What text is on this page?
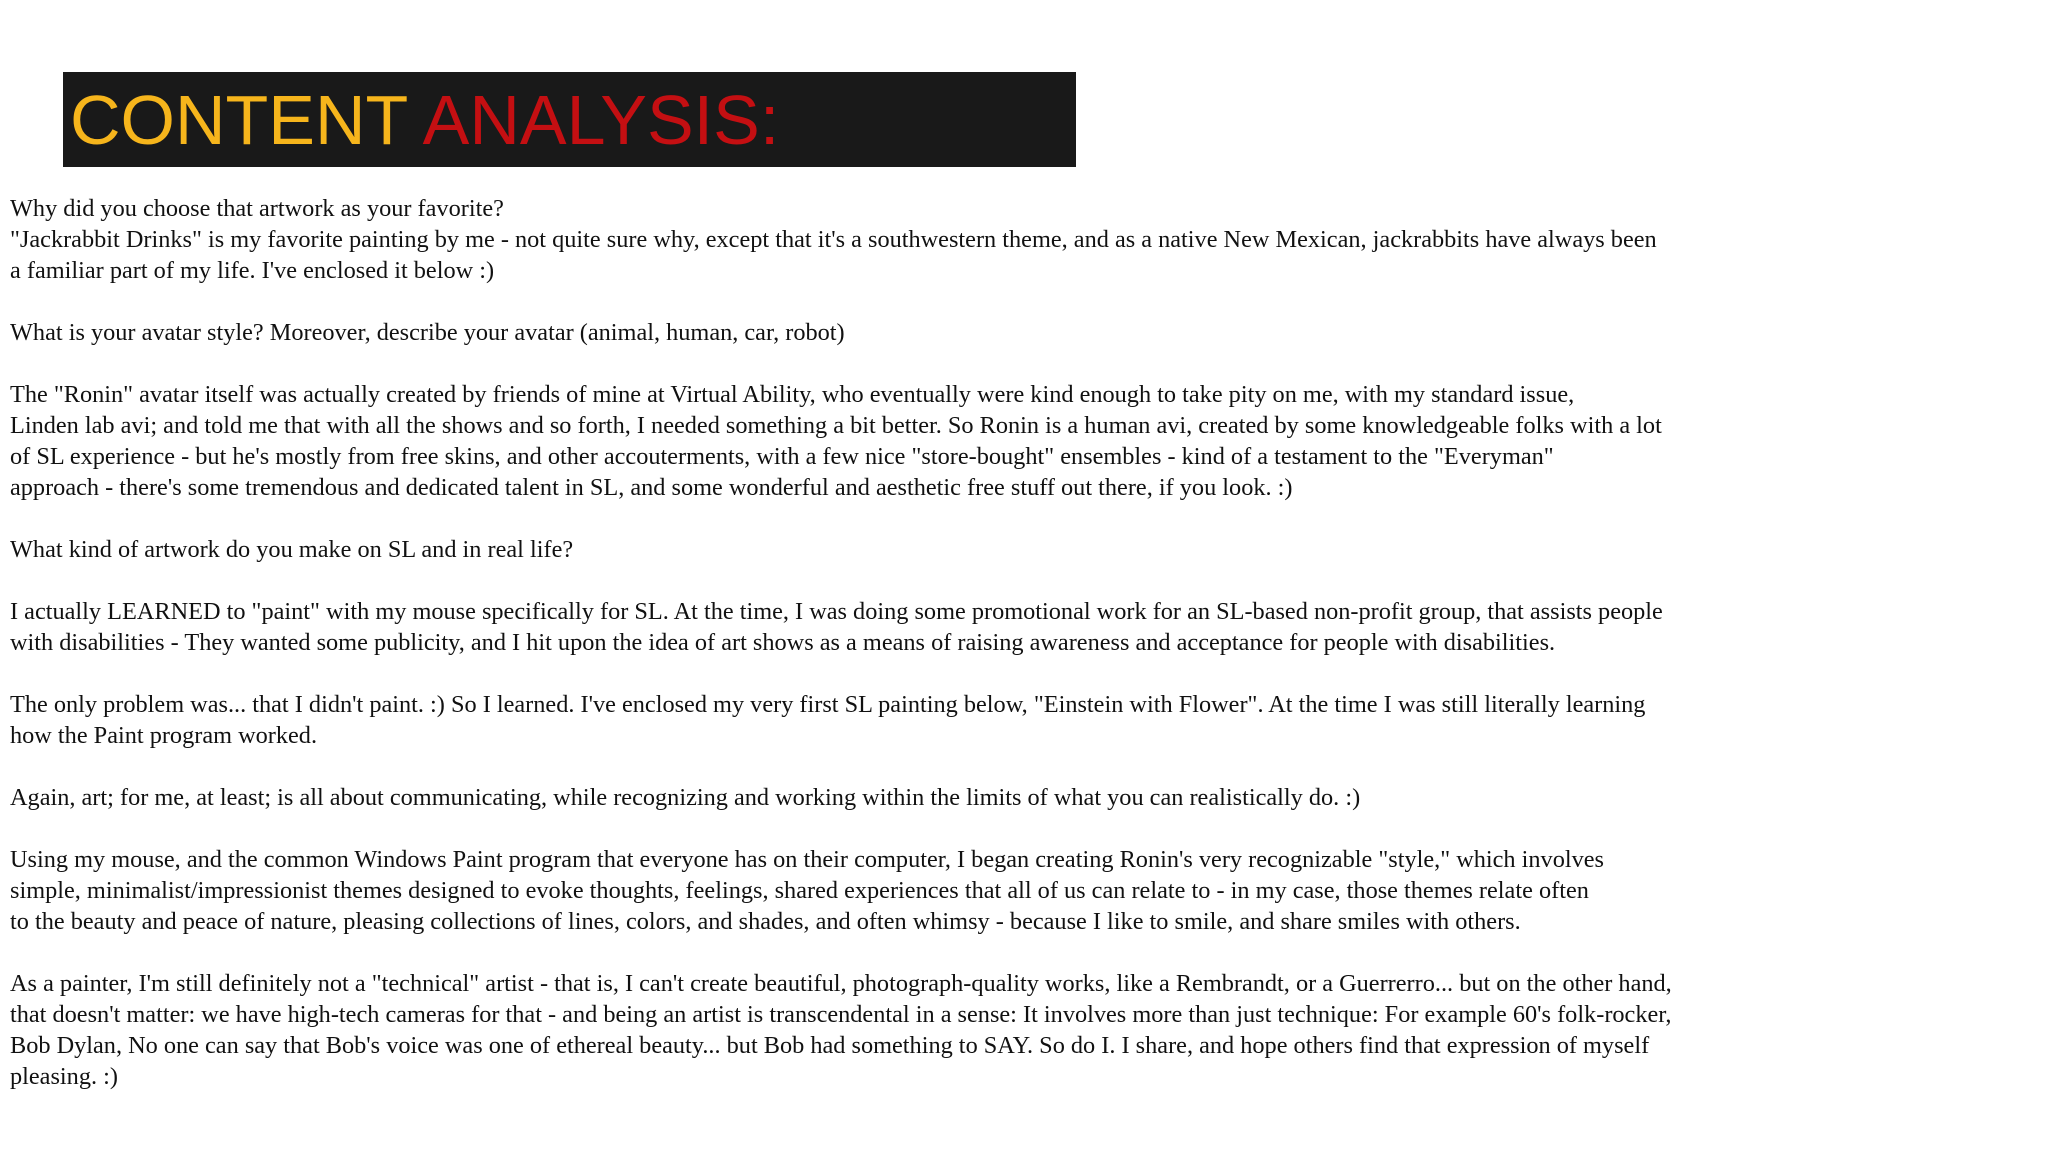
CONTENT ANALYSIS:
Why did you choose that artwork as your favorite?
"Jackrabbit Drinks" is my favorite painting by me - not quite sure why, except that it's a southwestern theme, and as a native New Mexican, jackrabbits have always been
a familiar part of my life. I've enclosed it below :)
What is your avatar style? Moreover, describe your avatar (animal, human, car, robot)
The "Ronin" avatar itself was actually created by friends of mine at Virtual Ability, who eventually were kind enough to take pity on me, with my standard issue,
Linden lab avi; and told me that with all the shows and so forth, I needed something a bit better. So Ronin is a human avi, created by some knowledgeable folks with a lot
of SL experience - but he's mostly from free skins, and other accouterments, with a few nice "store-bought" ensembles - kind of a testament to the "Everyman"
approach - there's some tremendous and dedicated talent in SL, and some wonderful and aesthetic free stuff out there, if you look. :)
What kind of artwork do you make on SL and in real life?
I actually LEARNED to "paint" with my mouse specifically for SL. At the time, I was doing some promotional work for an SL-based non-profit group, that assists people
with disabilities - They wanted some publicity, and I hit upon the idea of art shows as a means of raising awareness and acceptance for people with disabilities.
The only problem was... that I didn't paint. :) So I learned. I've enclosed my very first SL painting below, "Einstein with Flower". At the time I was still literally learning
how the Paint program worked.
Again, art; for me, at least; is all about communicating, while recognizing and working within the limits of what you can realistically do. :)
Using my mouse, and the common Windows Paint program that everyone has on their computer, I began creating Ronin's very recognizable "style," which involves
simple, minimalist/impressionist themes designed to evoke thoughts, feelings, shared experiences that all of us can relate to - in my case, those themes relate often
to the beauty and peace of nature, pleasing collections of lines, colors, and shades, and often whimsy - because I like to smile, and share smiles with others.
As a painter, I'm still definitely not a "technical" artist - that is, I can't create beautiful, photograph-quality works, like a Rembrandt, or a Guerrerro... but on the other hand,
that doesn't matter: we have high-tech cameras for that - and being an artist is transcendental in a sense: It involves more than just technique: For example 60's folk-rocker,
Bob Dylan, No one can say that Bob's voice was one of ethereal beauty... but Bob had something to SAY. So do I. I share, and hope others find that expression of myself
pleasing. :)
